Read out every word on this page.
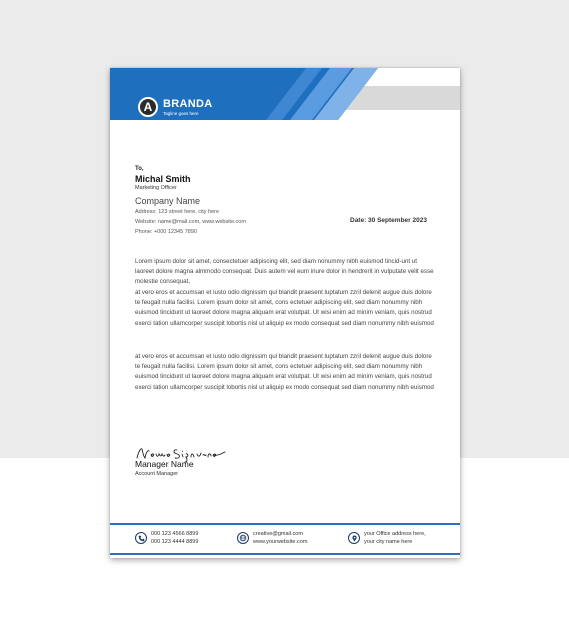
A BRANDA
Tagline goes here
To,
Michal Smith
Marketing Officer
Company Name
Address: 123 street here, city here
Website: name@mail.com, www.website.com
Phone: +000 12345 7890
Date: 30 September 2023

Lorem ipsum dolor sit amet, consectetuer adipiscing elit, sed diam nonummy nibh euismod tincid-unt ut laoreet dolore magna almmodo consequat. Duis autem vel eum iriure dolor in hendrerit in vulputate velit esse molestie consequat,

at vero eros et accumsan et iusto odio dignissim qui blandit praesent luptatum zzril delenit augue duis dolore te feugait nulla facilisi. Lorem ipsum dolor sit amet, cons ectetuer adipiscing elit, sed diam nonummy nibh euismod tincidunt ut laoreet dolore magna aliquam erat volutpat. Ut wisi enim ad minim veniam, quis nostrud exerci tation ullamcorper suscipit lobortis nisl ut aliquip ex modo consequat sed diam nonummy nibh euismod

at vero eros et accumsan et iusto odio dignissim qui blandit praesent luptatum zzril delenit augue duis dolore te feugait nulla facilisi. Lorem ipsum dolor sit amet, cons ectetuer adipiscing elit, sed diam nonummy nibh euismod tincidunt ut laoreet dolore magna aliquam erat volutpat. Ut wisi enim ad minim veniam, quis nostrud exerci tation ullamcorper suscipit lobortis nisl ut aliquip ex modo consequat sed diam nonummy nibh euismod

Manager Name
Account Manager
000 123 4566 8899
000 123 4444 8899
creative@gmail.com
www.yourwebsite.com
your Office address here,
your city name here
